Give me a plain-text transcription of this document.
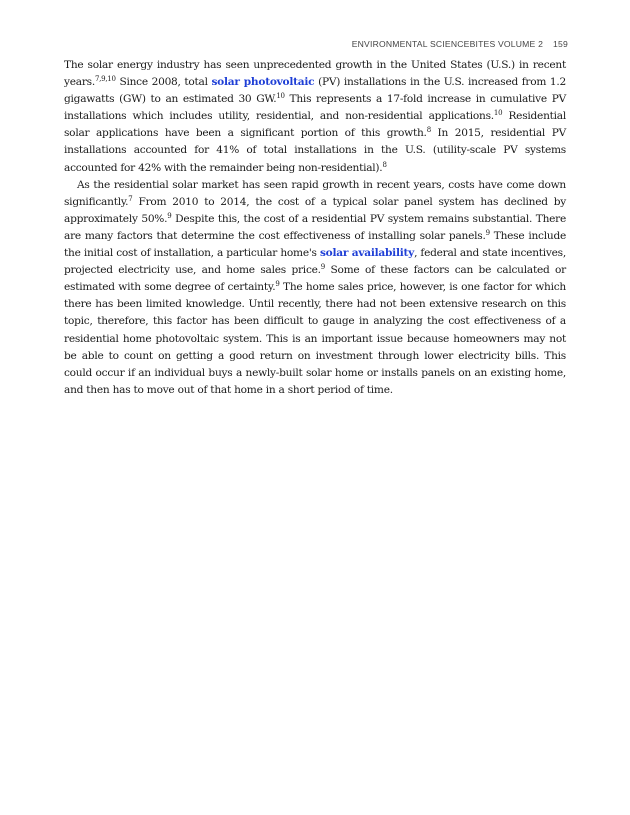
ENVIRONMENTAL SCIENCEBITES VOLUME 2 159

The solar energy industry has seen unprecedented growth in the United States (U.S.) in recent years.$^{7,9,10}$ Since 2008, total solar photovoltaic (PV) installations in the U.S. increased from 1.2 gigawatts (GW) to an estimated 30 GW.$^{10}$ This represents a 17-fold increase in cumulative PV installations which includes utility, residential, and non-residential applications.$^{10}$ Residential solar applications have been a significant portion of this growth.$^8$ In 2015, residential PV installations accounted for 41% of total installations in the U.S. (utility-scale PV systems accounted for 42% with the remainder being non-residential).$^8$

As the residential solar market has seen rapid growth in recent years, costs have come down significantly.$^7$ From 2010 to 2014, the cost of a typical solar panel system has declined by approximately 50%.$^9$ Despite this, the cost of a residential PV system remains substantial. There are many factors that determine the cost effectiveness of installing solar panels.$^9$ These include the initial cost of installation, a particular home's solar availability, federal and state incentives, projected electricity use, and home sales price.$^9$ Some of these factors can be calculated or estimated with some degree of certainty.$^9$ The home sales price, however, is one factor for which there has been limited knowledge. Until recently, there had not been extensive research on this topic, therefore, this factor has been difficult to gauge in analyzing the cost effectiveness of a residential home photovoltaic system. This is an important issue because homeowners may not be able to count on getting a good return on investment through lower electricity bills. This could occur if an individual buys a newly-built solar home or installs panels on an existing home, and then has to move out of that home in a short period of time.
